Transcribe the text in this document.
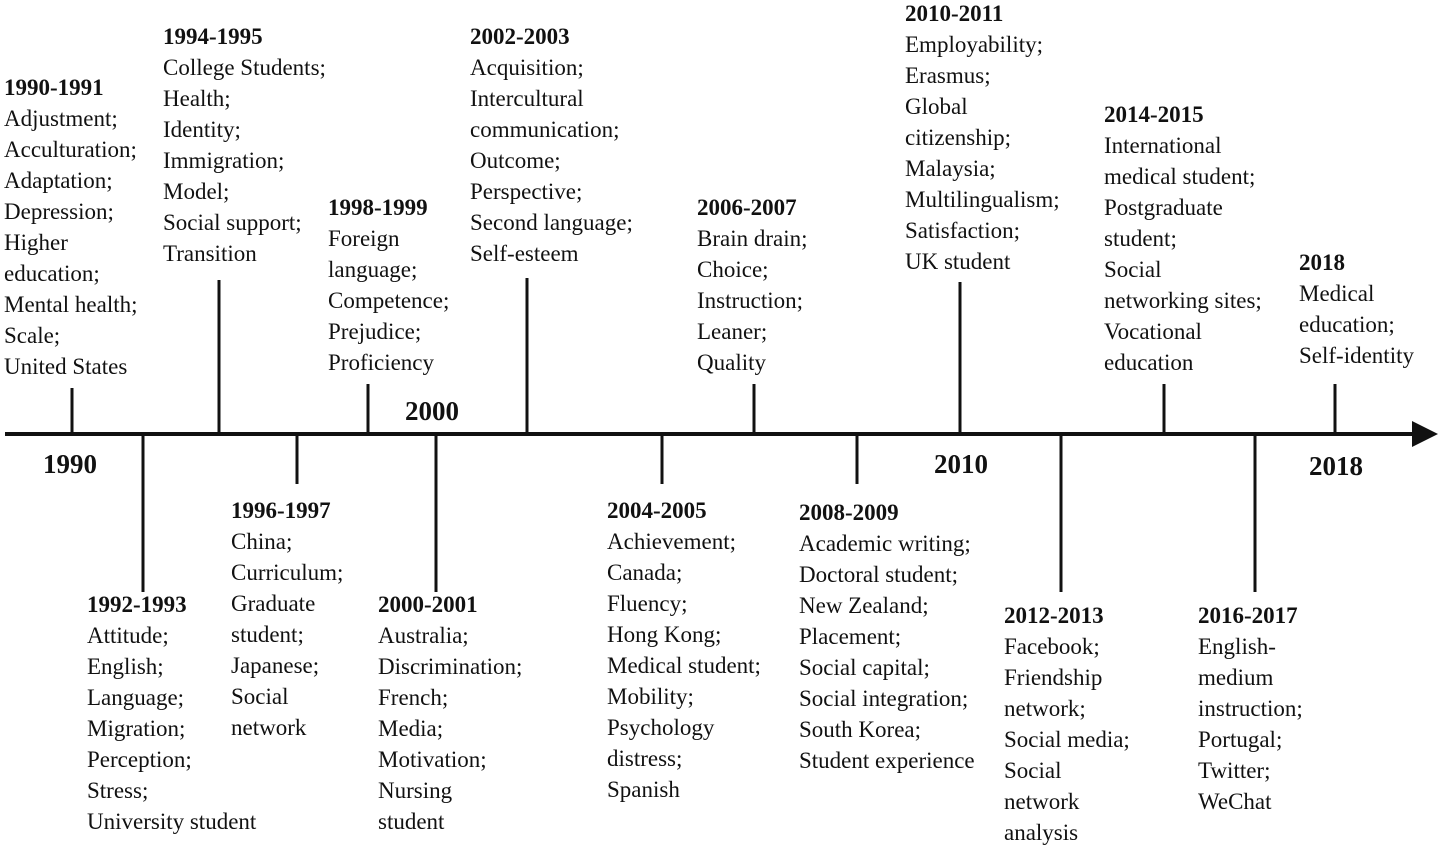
1990
2000
2010	2018
1990-1991
Adjustment;
Acculturation;
Adaptation;
Depression;
Higher
education;
Mental health;
Scale;
United States
1992-1993
Attitude;
English;
Language;
Migration;
Perception;
Stress;
University student
1994-1995
College Students;
Health;
Identity;
Immigration;
Model;
Social support;
Transition
1996-1997
China;
Curriculum;
Graduate
student;
Japanese;
Social
network
1998-1999
Foreign
language;
Competence;
Prejudice;
Proficiency
2000-2001
Australia;
Discrimination;
French;
Media;
Motivation;
Nursing
student
2002-2003
Acquisition;
Intercultural
communication;
Outcome;
Perspective;
Second language;
Self-esteem
2004-2005
Achievement;
Canada;
Fluency;
Hong Kong;
Medical student;
Mobility;
Psychology
distress;
Spanish
2006-2007
Brain drain;
Choice;
Instruction;
Leaner;
Quality
2008-2009
Academic writing;
Doctoral student;
New Zealand;
Placement;
Social capital;
Social integration;
South Korea;
Student experience
2010-2011
Employability;
Erasmus;
Global
citizenship;
Malaysia;
Multilingualism;
Satisfaction;
UK student
2012-2013
Facebook;
Friendship
network;
Social media;
Social
network
analysis
2014-2015
International
medical student;
Postgraduate
student;
Social
networking sites;
Vocational
education
2016-2017
English-
medium
instruction;
Portugal;
Twitter;
WeChat
2018
Medical
education;
Self-identity
